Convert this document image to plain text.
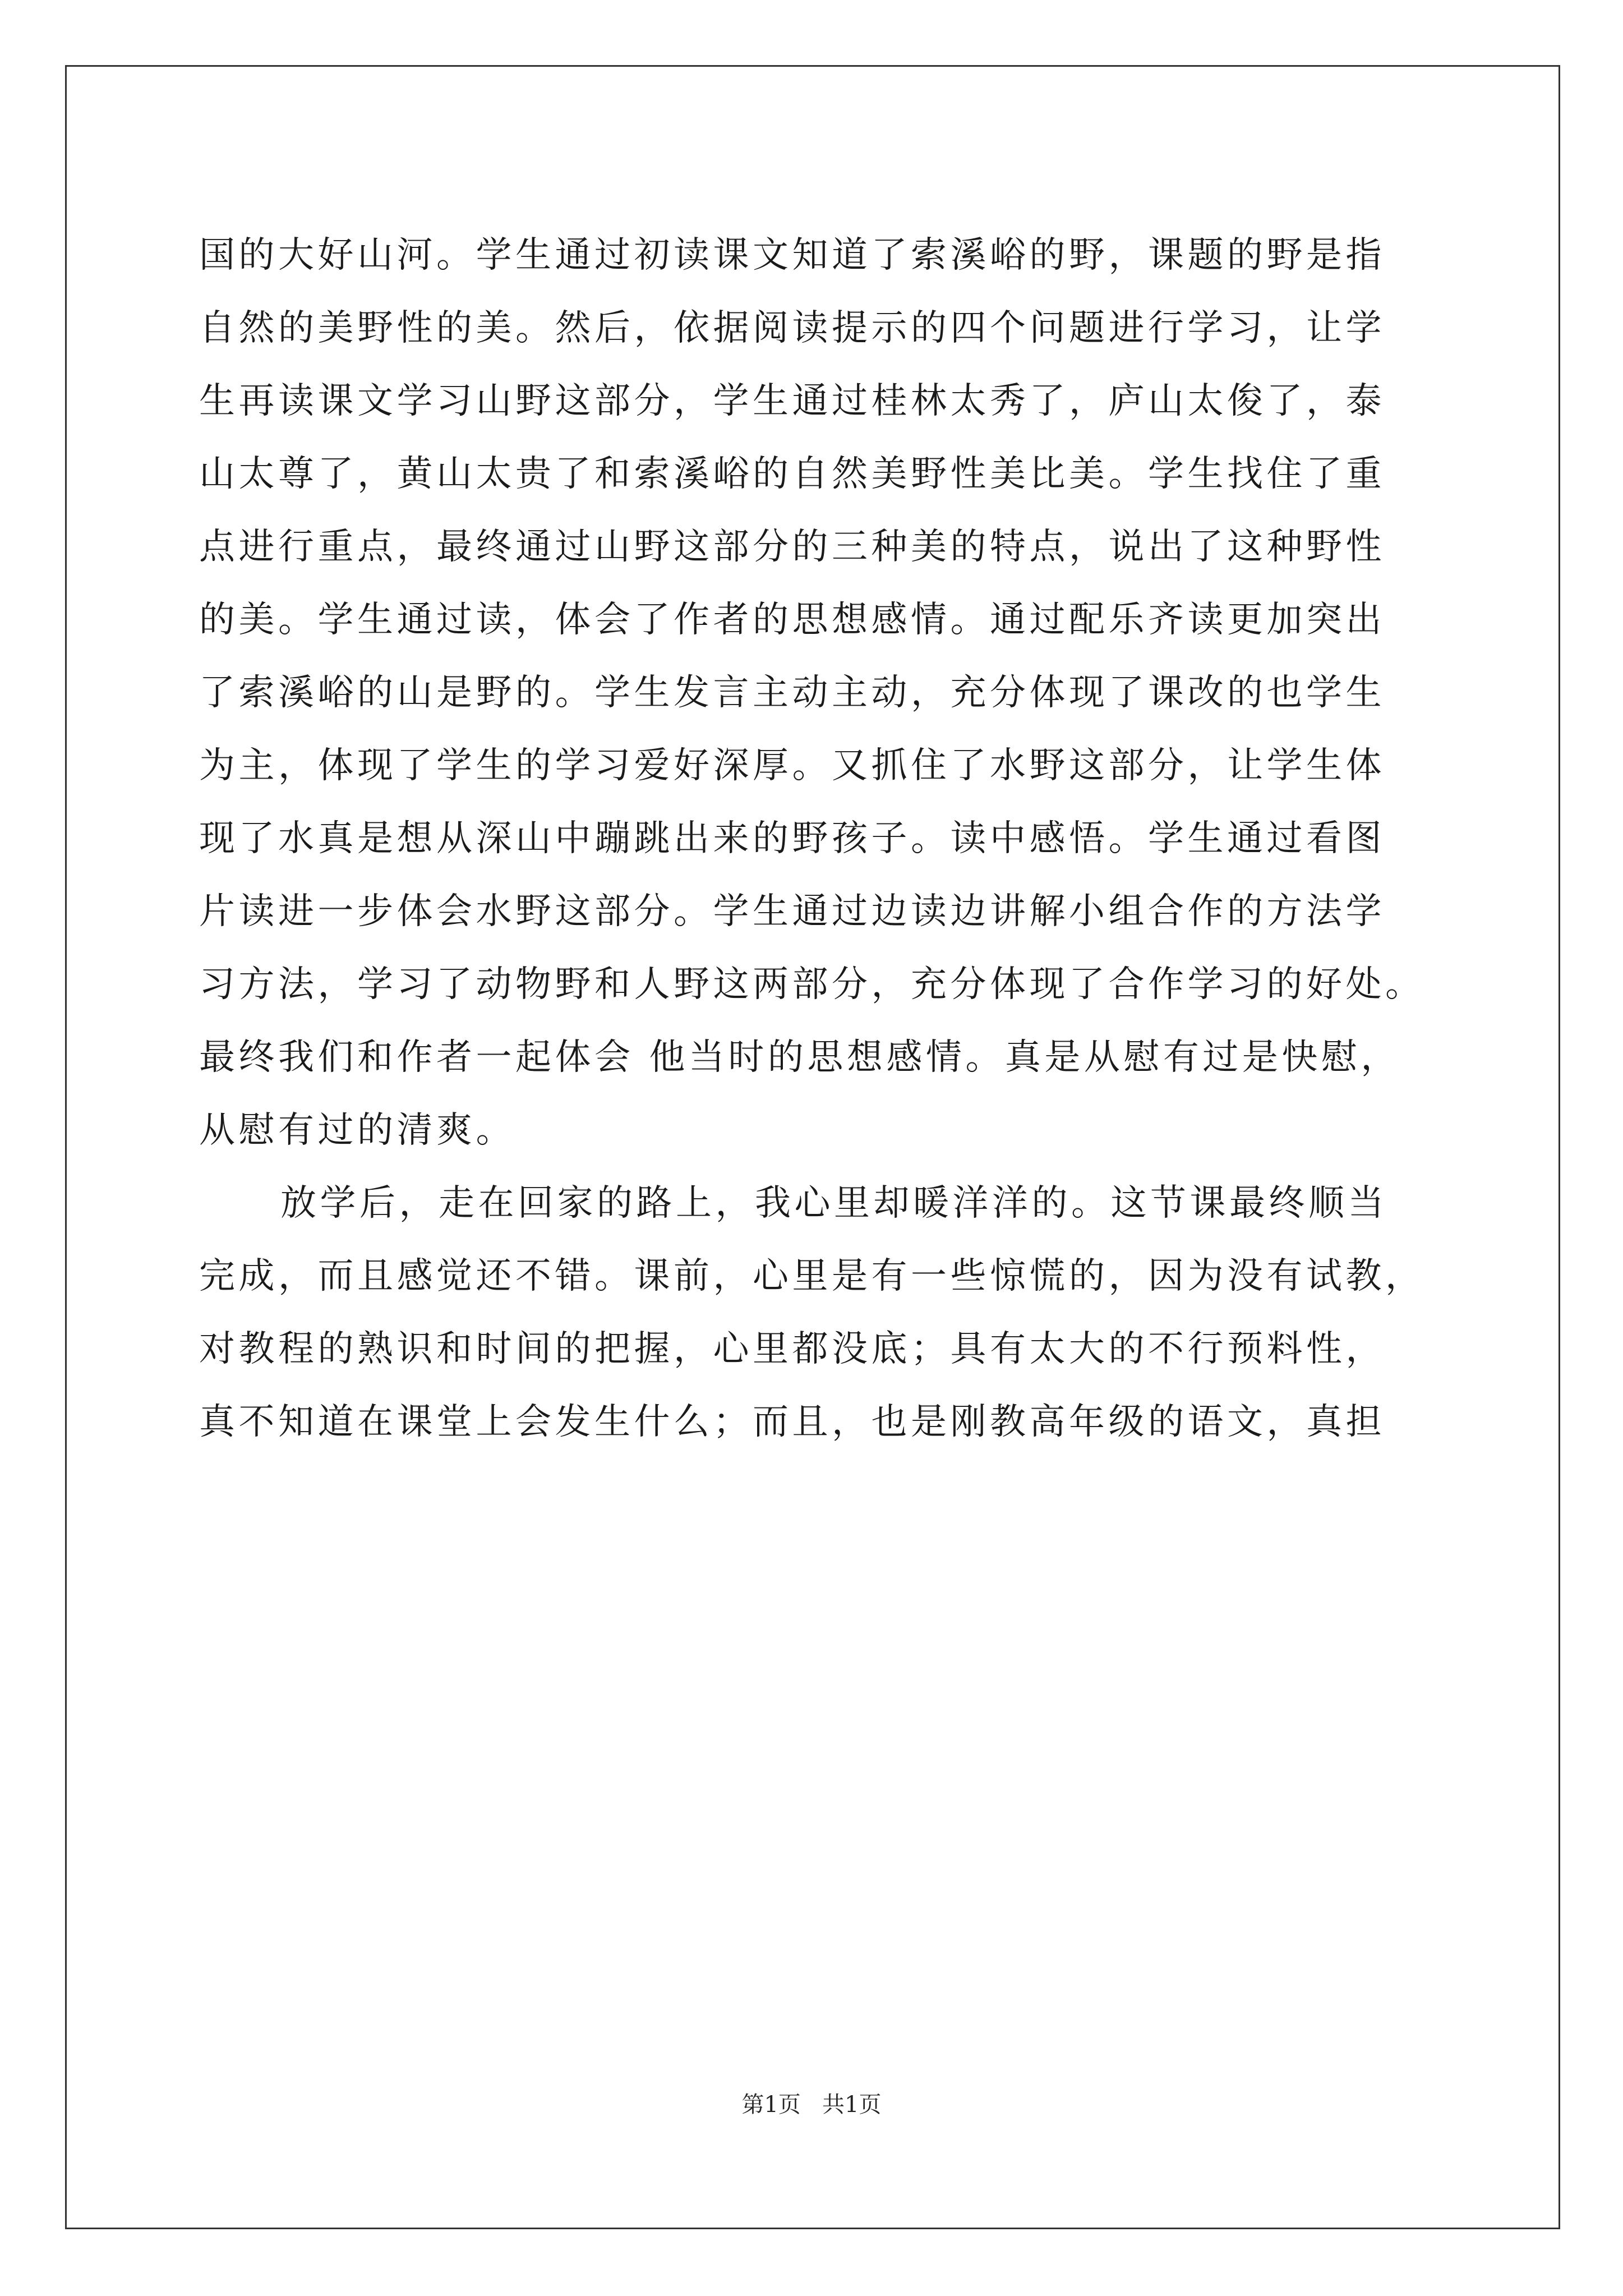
国的大好山河。学生通过初读课文知道了索溪峪的野，课题的野是指
自然的美野性的美。然后，依据阅读提示的四个问题进行学习，让学
生再读课文学习山野这部分，学生通过桂林太秀了，庐山太俊了，泰
山太尊了，黄山太贵了和索溪峪的自然美野性美比美。学生找住了重
点进行重点，最终通过山野这部分的三种美的特点，说出了这种野性
的美。学生通过读，体会了作者的思想感情。通过配乐齐读更加突出
了索溪峪的山是野的。学生发言主动主动，充分体现了课改的也学生
为主，体现了学生的学习爱好深厚。又抓住了水野这部分，让学生体
现了水真是想从深山中蹦跳出来的野孩子。读中感悟。学生通过看图
片读进一步体会水野这部分。学生通过边读边讲解小组合作的方法学
习方法，学习了动物野和人野这两部分，充分体现了合作学习的好处。
最终我们和作者一起体会 他当时的思想感情。真是从慰有过是快慰，
从慰有过的清爽。
放学后，走在回家的路上，我心里却暖洋洋的。这节课最终顺当
完成，而且感觉还不错。课前，心里是有一些惊慌的，因为没有试教，
对教程的熟识和时间的把握，心里都没底；具有太大的不行预料性，
真不知道在课堂上会发生什么；而且，也是刚教高年级的语文，真担
第1页   共1页
